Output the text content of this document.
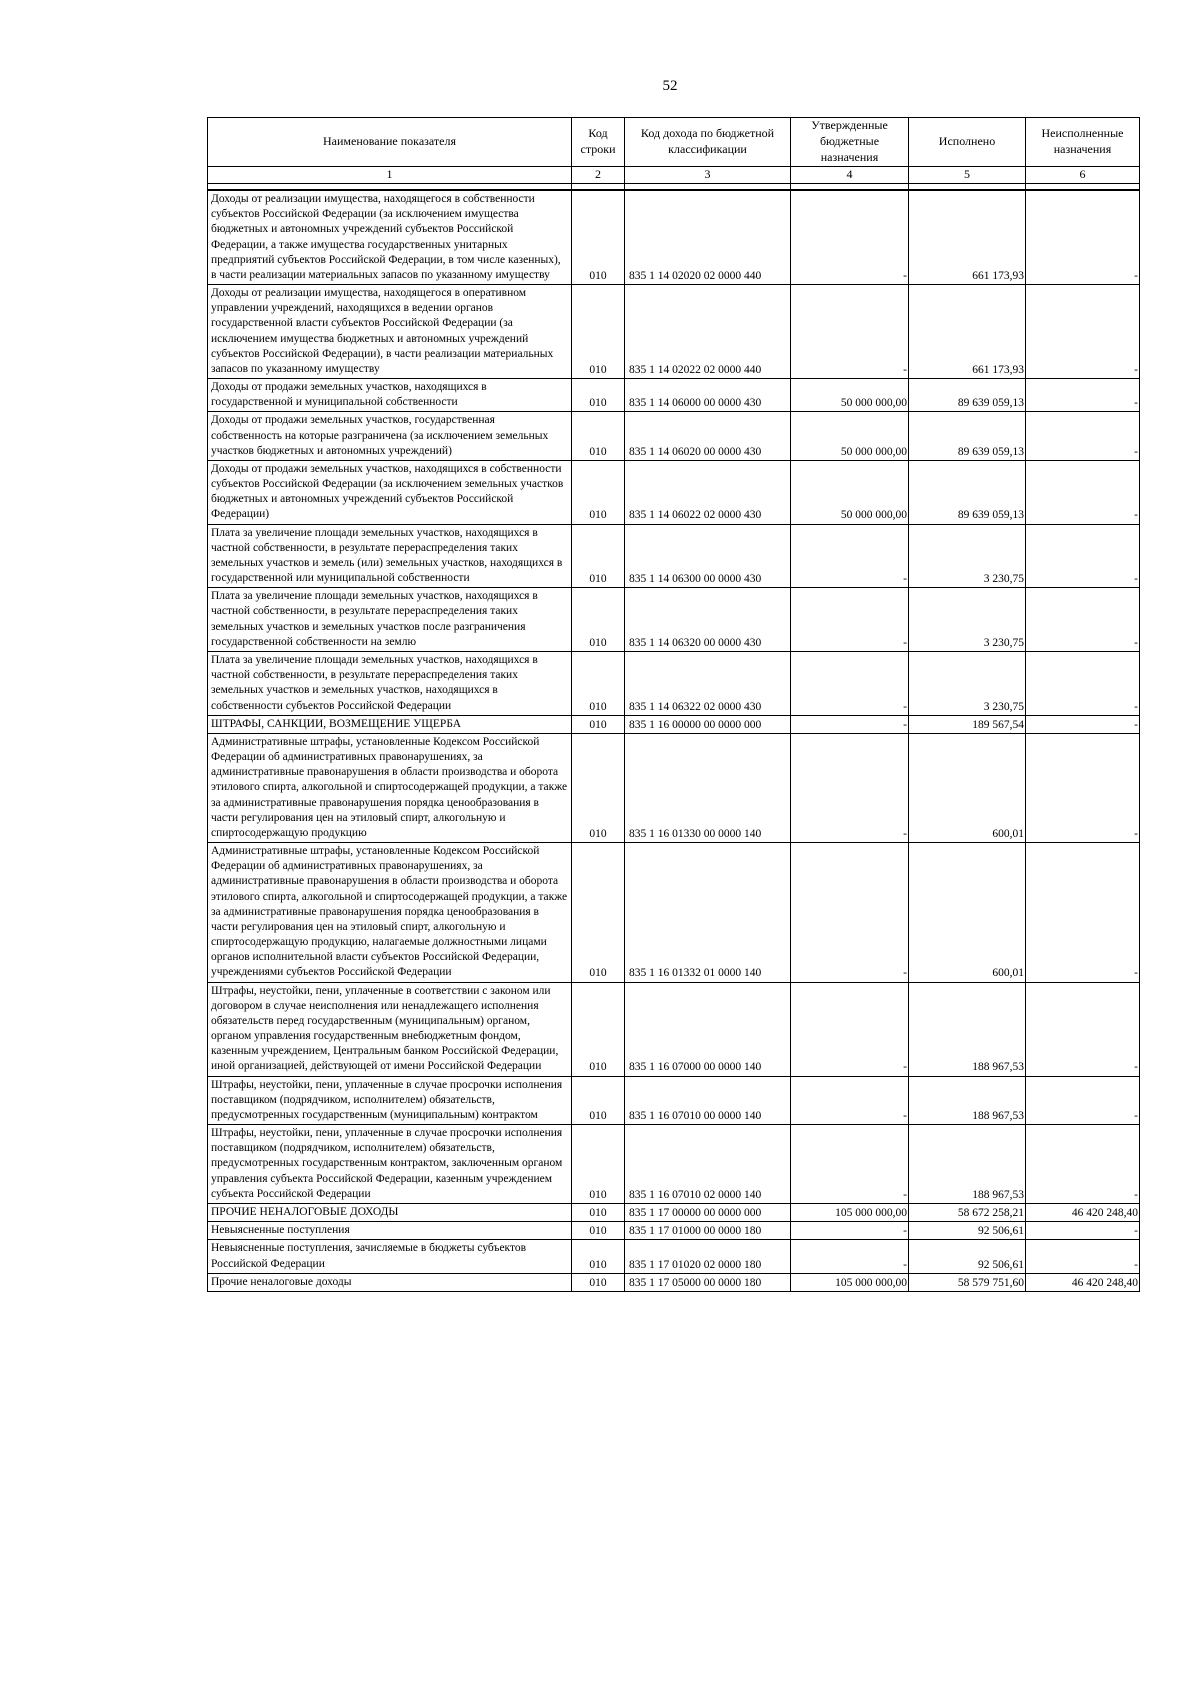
52
Наименование показателя	Код строки	Код дохода по бюджетной классификации	Утвержденные бюджетные назначения	Исполнено	Неисполненные назначения
1	2	3	4	5	6

Доходы от реализации имущества, находящегося в собственности субъектов Российской Федерации (за исключением имущества бюджетных и автономных учреждений субъектов Российской Федерации, а также имущества государственных унитарных предприятий субъектов Российской Федерации, в том числе казенных), в части реализации материальных запасов по указанному имуществу	010	835 1 14 02020 02 0000 440	-	661 173,93	-
Доходы от реализации имущества, находящегося в оперативном управлении учреждений, находящихся в ведении органов государственной власти субъектов Российской Федерации (за исключением имущества бюджетных и автономных учреждений субъектов Российской Федерации), в части реализации материальных запасов по указанному имуществу	010	835 1 14 02022 02 0000 440	-	661 173,93	-
Доходы от продажи земельных участков, находящихся в государственной и муниципальной собственности	010	835 1 14 06000 00 0000 430	50 000 000,00	89 639 059,13	-
Доходы от продажи земельных участков, государственная собственность на которые разграничена (за исключением земельных участков бюджетных и автономных учреждений)	010	835 1 14 06020 00 0000 430	50 000 000,00	89 639 059,13	-
Доходы от продажи земельных участков, находящихся в собственности субъектов Российской Федерации (за исключением земельных участков бюджетных и автономных учреждений субъектов Российской Федерации)	010	835 1 14 06022 02 0000 430	50 000 000,00	89 639 059,13	-
Плата за увеличение площади земельных участков, находящихся в частной собственности, в результате перераспределения таких земельных участков и земель (или) земельных участков, находящихся в государственной или муниципальной собственности	010	835 1 14 06300 00 0000 430	-	3 230,75	-
Плата за увеличение площади земельных участков, находящихся в частной собственности, в результате перераспределения таких земельных участков и земельных участков после разграничения государственной собственности на землю	010	835 1 14 06320 00 0000 430	-	3 230,75	-
Плата за увеличение площади земельных участков, находящихся в частной собственности, в результате перераспределения таких земельных участков и земельных участков, находящихся в собственности субъектов Российской Федерации	010	835 1 14 06322 02 0000 430	-	3 230,75	-
ШТРАФЫ, САНКЦИИ, ВОЗМЕЩЕНИЕ УЩЕРБА	010	835 1 16 00000 00 0000 000	-	189 567,54	-
Административные штрафы, установленные Кодексом Российской Федерации об административных правонарушениях, за административные правонарушения в области производства и оборота этилового спирта, алкогольной и спиртосодержащей продукции, а также за административные правонарушения порядка ценообразования в части регулирования цен на этиловый спирт, алкогольную и спиртосодержащую продукцию	010	835 1 16 01330 00 0000 140	-	600,01	-
Административные штрафы, установленные Кодексом Российской Федерации об административных правонарушениях, за административные правонарушения в области производства и оборота этилового спирта, алкогольной и спиртосодержащей продукции, а также за административные правонарушения порядка ценообразования в части регулирования цен на этиловый спирт, алкогольную и спиртосодержащую продукцию, налагаемые должностными лицами органов исполнительной власти субъектов Российской Федерации, учреждениями субъектов Российской Федерации	010	835 1 16 01332 01 0000 140	-	600,01	-
Штрафы, неустойки, пени, уплаченные в соответствии с законом или договором в случае неисполнения или ненадлежащего исполнения обязательств перед государственным (муниципальным) органом, органом управления государственным внебюджетным фондом, казенным учреждением, Центральным банком Российской Федерации, иной организацией, действующей от имени Российской Федерации	010	835 1 16 07000 00 0000 140	-	188 967,53	-
Штрафы, неустойки, пени, уплаченные в случае просрочки исполнения поставщиком (подрядчиком, исполнителем) обязательств, предусмотренных государственным (муниципальным) контрактом	010	835 1 16 07010 00 0000 140	-	188 967,53	-
Штрафы, неустойки, пени, уплаченные в случае просрочки исполнения поставщиком (подрядчиком, исполнителем) обязательств, предусмотренных государственным контрактом, заключенным органом управления субъекта Российской Федерации, казенным учреждением субъекта Российской Федерации	010	835 1 16 07010 02 0000 140	-	188 967,53	-
ПРОЧИЕ НЕНАЛОГОВЫЕ ДОХОДЫ	010	835 1 17 00000 00 0000 000	105 000 000,00	58 672 258,21	46 420 248,40
Невыясненные поступления	010	835 1 17 01000 00 0000 180	-	92 506,61	-
Невыясненные поступления, зачисляемые в бюджеты субъектов Российской Федерации	010	835 1 17 01020 02 0000 180	-	92 506,61	-
Прочие неналоговые доходы	010	835 1 17 05000 00 0000 180	105 000 000,00	58 579 751,60	46 420 248,40
